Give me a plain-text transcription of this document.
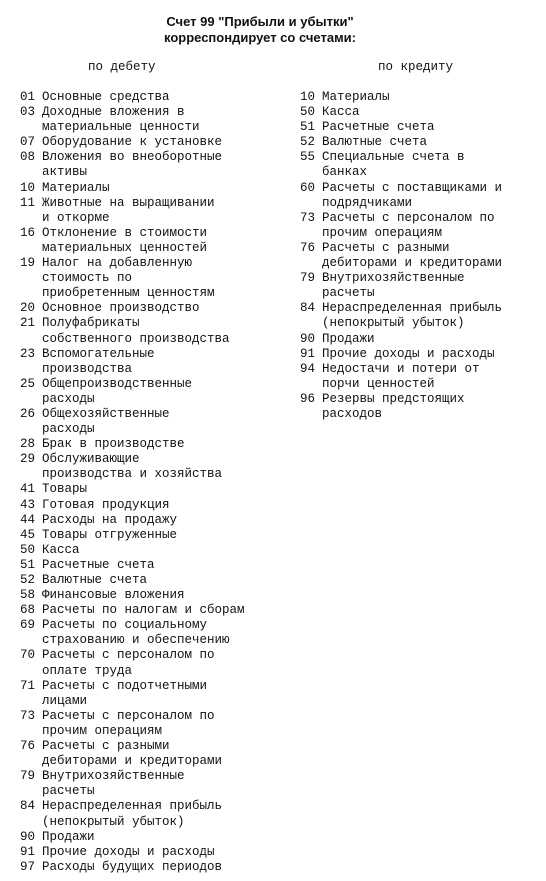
Счет 99 "Прибыли и убытки"
корреспондирует со счетами:
по дебету	по кредиту
01 Основные средства
03 Доходные вложения в
материальные ценности
07 Оборудование к установке
08 Вложения во внеоборотные
активы
10 Материалы
11 Животные на выращивании
и откорме
16 Отклонение в стоимости
материальных ценностей
19 Налог на добавленную
стоимость по
приобретенным ценностям
20 Основное производство
21 Полуфабрикаты
собственного производства
23 Вспомогательные
производства
25 Общепроизводственные
расходы
26 Общехозяйственные
расходы
28 Брак в производстве
29 Обслуживающие
производства и хозяйства
41 Товары
43 Готовая продукция
44 Расходы на продажу
45 Товары отгруженные
50 Касса
51 Расчетные счета
52 Валютные счета
58 Финансовые вложения
68 Расчеты по налогам и сборам
69 Расчеты по социальному
страхованию и обеспечению
70 Расчеты с персоналом по
оплате труда
71 Расчеты с подотчетными
лицами
73 Расчеты с персоналом по
прочим операциям
76 Расчеты с разными
дебиторами и кредиторами
79 Внутрихозяйственные
расчеты
84 Нераспределенная прибыль
(непокрытый убыток)
90 Продажи
91 Прочие доходы и расходы
97 Расходы будущих периодов
10 Материалы
50 Касса
51 Расчетные счета
52 Валютные счета
55 Специальные счета в
банках
60 Расчеты с поставщиками и
подрядчиками
73 Расчеты с персоналом по
прочим операциям
76 Расчеты с разными
дебиторами и кредиторами
79 Внутрихозяйственные
расчеты
84 Нераспределенная прибыль
(непокрытый убыток)
90 Продажи
91 Прочие доходы и расходы
94 Недостачи и потери от
порчи ценностей
96 Резервы предстоящих
расходов
